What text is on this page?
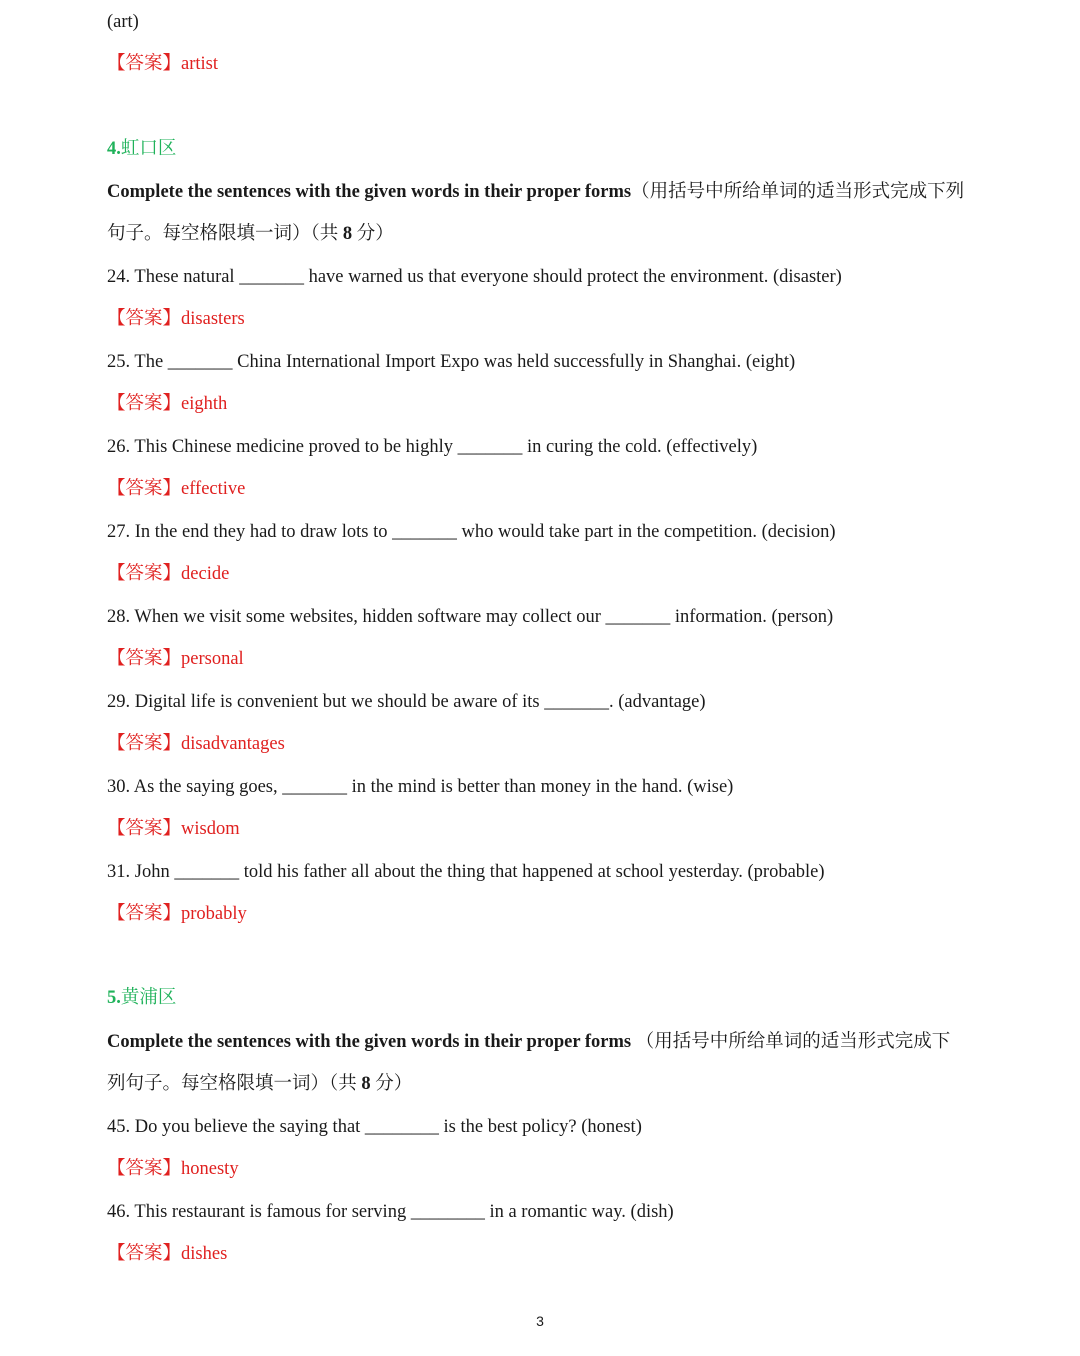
(art)
【答案】artist
4.虹口区
Complete the sentences with the given words in their proper forms（用括号中所给单词的适当形式完成下列
句子。每空格限填一词）（共 8 分）
24. These natural _______ have warned us that everyone should protect the environment. (disaster)
【答案】disasters
25. The _______ China International Import Expo was held successfully in Shanghai. (eight)
【答案】eighth
26. This Chinese medicine proved to be highly _______ in curing the cold. (effectively)
【答案】effective
27. In the end they had to draw lots to _______ who would take part in the competition. (decision)
【答案】decide
28. When we visit some websites, hidden software may collect our _______ information. (person)
【答案】personal
29. Digital life is convenient but we should be aware of its _______. (advantage)
【答案】disadvantages
30. As the saying goes, _______ in the mind is better than money in the hand. (wise)
【答案】wisdom
31. John _______ told his father all about the thing that happened at school yesterday. (probable)
【答案】probably
5.黄浦区
Complete the sentences with the given words in their proper forms （用括号中所给单词的适当形式完成下
列句子。每空格限填一词）（共 8 分）
45. Do you believe the saying that ________ is the best policy? (honest)
【答案】honesty
46. This restaurant is famous for serving ________ in a romantic way. (dish)
【答案】dishes
3
